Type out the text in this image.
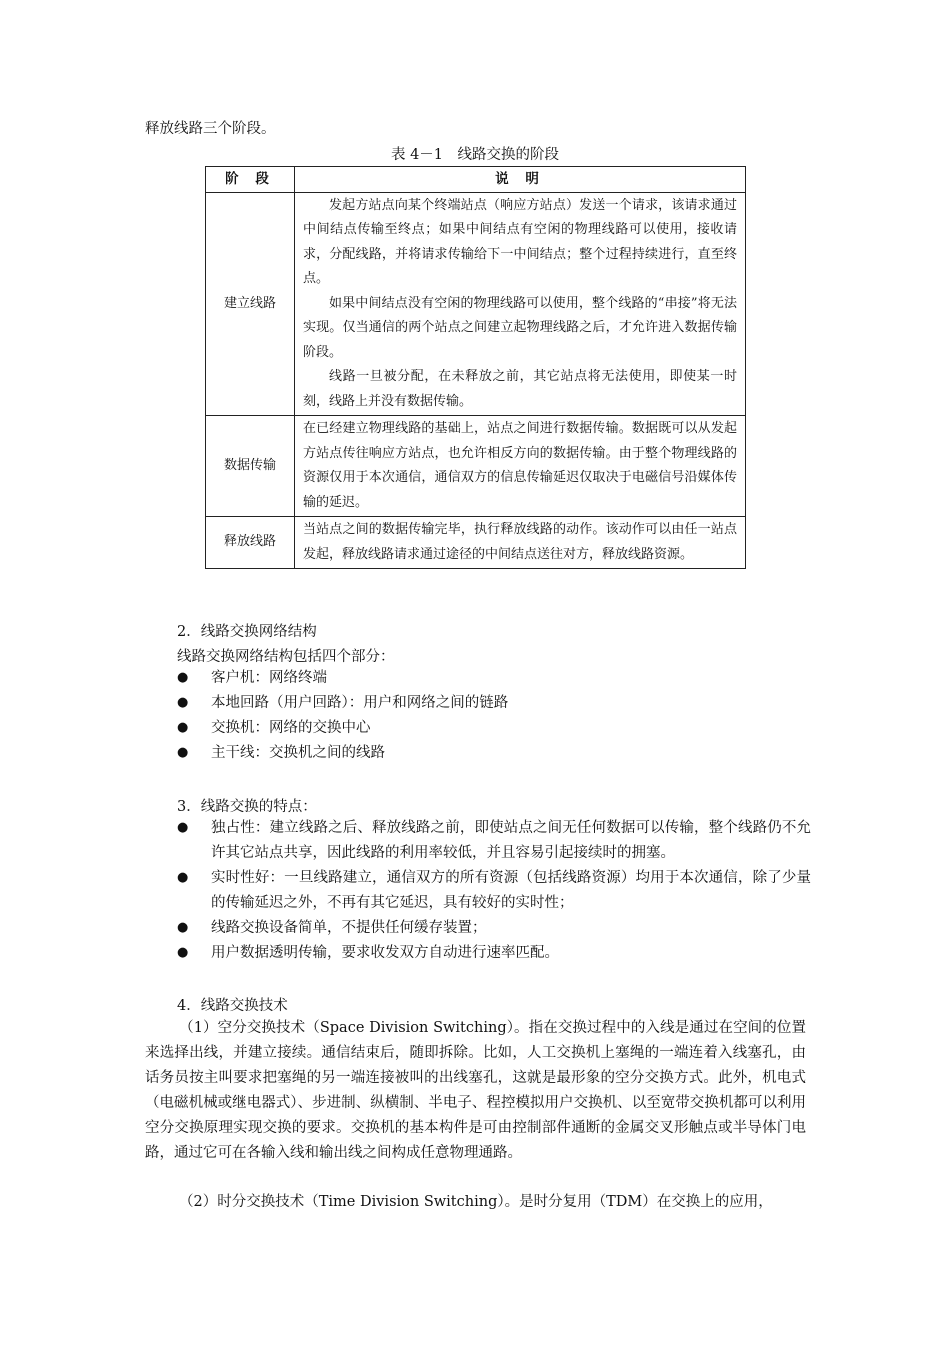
释放线路三个阶段。
表 4－1　线路交换的阶段
阶 段	说 明
建立线路	发起方站点向某个终端站点（响应方站点）发送一个请求，该请求通过中间结点传输至终点；如果中间结点有空闲的物理线路可以使用，接收请求，分配线路，并将请求传输给下一中间结点；整个过程持续进行，直至终点。

如果中间结点没有空闲的物理线路可以使用，整个线路的“串接”将无法实现。仅当通信的两个站点之间建立起物理线路之后，才允许进入数据传输阶段。

线路一旦被分配，在未释放之前，其它站点将无法使用，即使某一时刻，线路上并没有数据传输。

数据传输	在已经建立物理线路的基础上，站点之间进行数据传输。数据既可以从发起方站点传往响应方站点，也允许相反方向的数据传输。由于整个物理线路的资源仅用于本次通信，通信双方的信息传输延迟仅取决于电磁信号沿媒体传输的延迟。

释放线路	当站点之间的数据传输完毕，执行释放线路的动作。该动作可以由任一站点发起，释放线路请求通过途径的中间结点送往对方，释放线路资源。

2．线路交换网络结构
线路交换网络结构包括四个部分：
● 客户机：网络终端
● 本地回路（用户回路）：用户和网络之间的链路
● 交换机：网络的交换中心
● 主干线：交换机之间的线路
3．线路交换的特点：
● 独占性：建立线路之后、释放线路之前，即使站点之间无任何数据可以传输，整个线路仍不允许其它站点共享，因此线路的利用率较低，并且容易引起接续时的拥塞。
● 实时性好：一旦线路建立，通信双方的所有资源（包括线路资源）均用于本次通信，除了少量的传输延迟之外，不再有其它延迟，具有较好的实时性；
● 线路交换设备简单，不提供任何缓存装置；
● 用户数据透明传输，要求收发双方自动进行速率匹配。
4．线路交换技术
（1）空分交换技术（Space Division Switching）。指在交换过程中的入线是通过在空间的位置来选择出线，并建立接续。通信结束后，随即拆除。比如，人工交换机上塞绳的一端连着入线塞孔，由话务员按主叫要求把塞绳的另一端连接被叫的出线塞孔，这就是最形象的空分交换方式。此外，机电式（电磁机械或继电器式）、步进制、纵横制、半电子、程控模拟用户交换机、以至宽带交换机都可以利用空分交换原理实现交换的要求。交换机的基本构件是可由控制部件通断的金属交叉形触点或半导体门电路，通过它可在各输入线和输出线之间构成任意物理通路。
（2）时分交换技术（Time Division Switching）。是时分复用（TDM）在交换上的应用，
